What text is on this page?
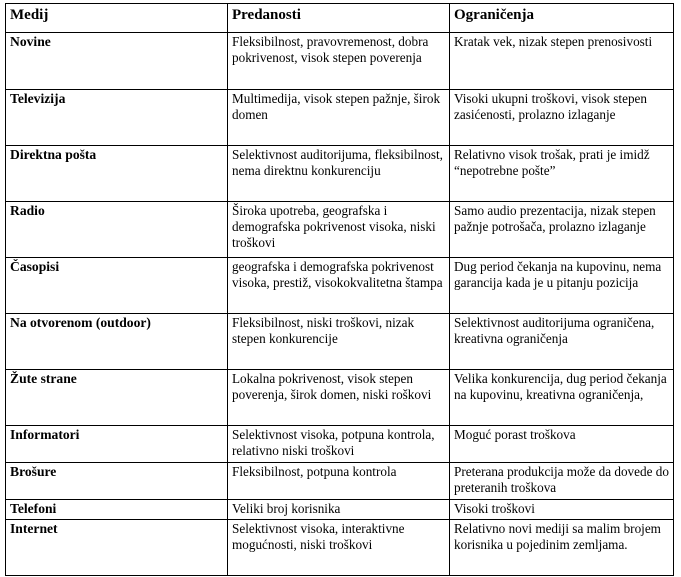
Medij	Predanosti	Ograničenja
Novine	Fleksibilnost, pravovremenost, dobra pokrivenost, visok stepen poverenja	Kratak vek, nizak stepen prenosivosti
Televizija	Multimedija, visok stepen pažnje, širok domen	Visoki ukupni troškovi, visok stepen zasićenosti, prolazno izlaganje
Direktna pošta	Selektivnost auditorijuma, fleksibilnost, nema direktnu konkurenciju	Relativno visok trošak, prati je imidž “nepotrebne pošte”
Radio	Široka upotreba, geografska i demografska pokrivenost visoka, niski troškovi	Samo audio prezentacija, nizak stepen pažnje potrošača, prolazno izlaganje
Časopisi	geografska i demografska pokrivenost visoka, prestiž, visokokvalitetna štampa	Dug period čekanja na kupovinu, nema garancija kada je u pitanju pozicija
Na otvorenom (outdoor)	Fleksibilnost, niski troškovi, nizak stepen konkurencije	Selektivnost auditorijuma ograničena, kreativna ograničenja
Žute strane	Lokalna pokrivenost, visok stepen poverenja, širok domen, niski roškovi	Velika konkurencija, dug period čekanja na kupovinu, kreativna ograničenja,
Informatori	Selektivnost visoka, potpuna kontrola, relativno niski troškovi	Moguć porast troškova
Brošure	Fleksibilnost, potpuna kontrola	Preterana produkcija može da dovede do preteranih troškova
Telefoni	Veliki broj korisnika	Visoki troškovi
Internet	Selektivnost visoka, interaktivne mogućnosti, niski troškovi	Relativno novi mediji sa malim brojem korisnika u pojedinim zemljama.
